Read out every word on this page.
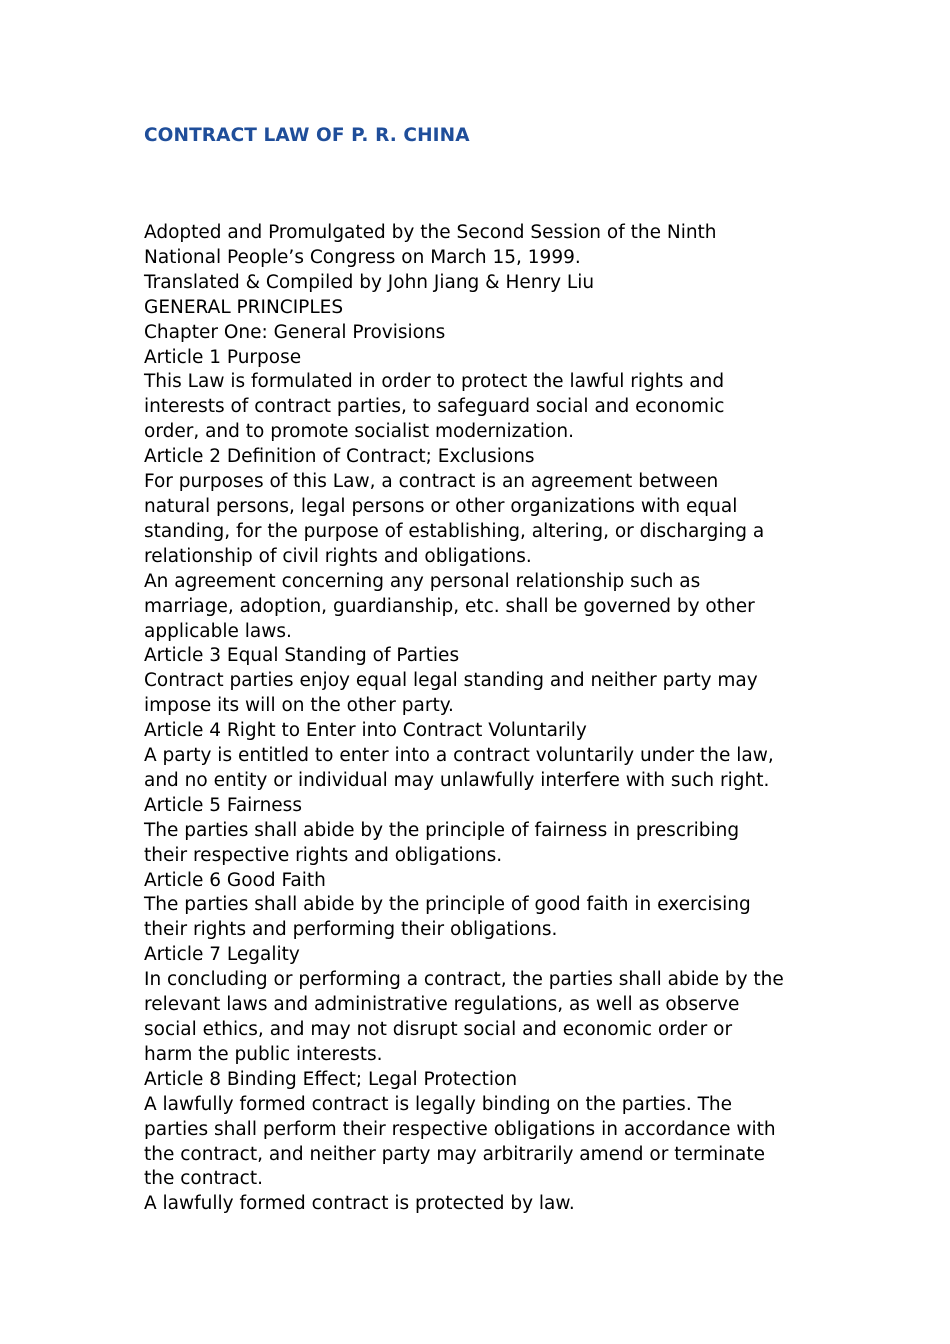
CONTRACT LAW OF P. R. CHINA
Adopted and Promulgated by the Second Session of the Ninth
National People’s Congress on March 15, 1999.
Translated & Compiled by John Jiang & Henry Liu
GENERAL PRINCIPLES
Chapter One: General Provisions
Article 1 Purpose
This Law is formulated in order to protect the lawful rights and
interests of contract parties, to safeguard social and economic
order, and to promote socialist modernization.
Article 2 Definition of Contract; Exclusions
For purposes of this Law, a contract is an agreement between
natural persons, legal persons or other organizations with equal
standing, for the purpose of establishing, altering, or discharging a
relationship of civil rights and obligations.
An agreement concerning any personal relationship such as
marriage, adoption, guardianship, etc. shall be governed by other
applicable laws.
Article 3 Equal Standing of Parties
Contract parties enjoy equal legal standing and neither party may
impose its will on the other party.
Article 4 Right to Enter into Contract Voluntarily
A party is entitled to enter into a contract voluntarily under the law,
and no entity or individual may unlawfully interfere with such right.
Article 5 Fairness
The parties shall abide by the principle of fairness in prescribing
their respective rights and obligations.
Article 6 Good Faith
The parties shall abide by the principle of good faith in exercising
their rights and performing their obligations.
Article 7 Legality
In concluding or performing a contract, the parties shall abide by the
relevant laws and administrative regulations, as well as observe
social ethics, and may not disrupt social and economic order or
harm the public interests.
Article 8 Binding Effect; Legal Protection
A lawfully formed contract is legally binding on the parties. The
parties shall perform their respective obligations in accordance with
the contract, and neither party may arbitrarily amend or terminate
the contract.
A lawfully formed contract is protected by law.
